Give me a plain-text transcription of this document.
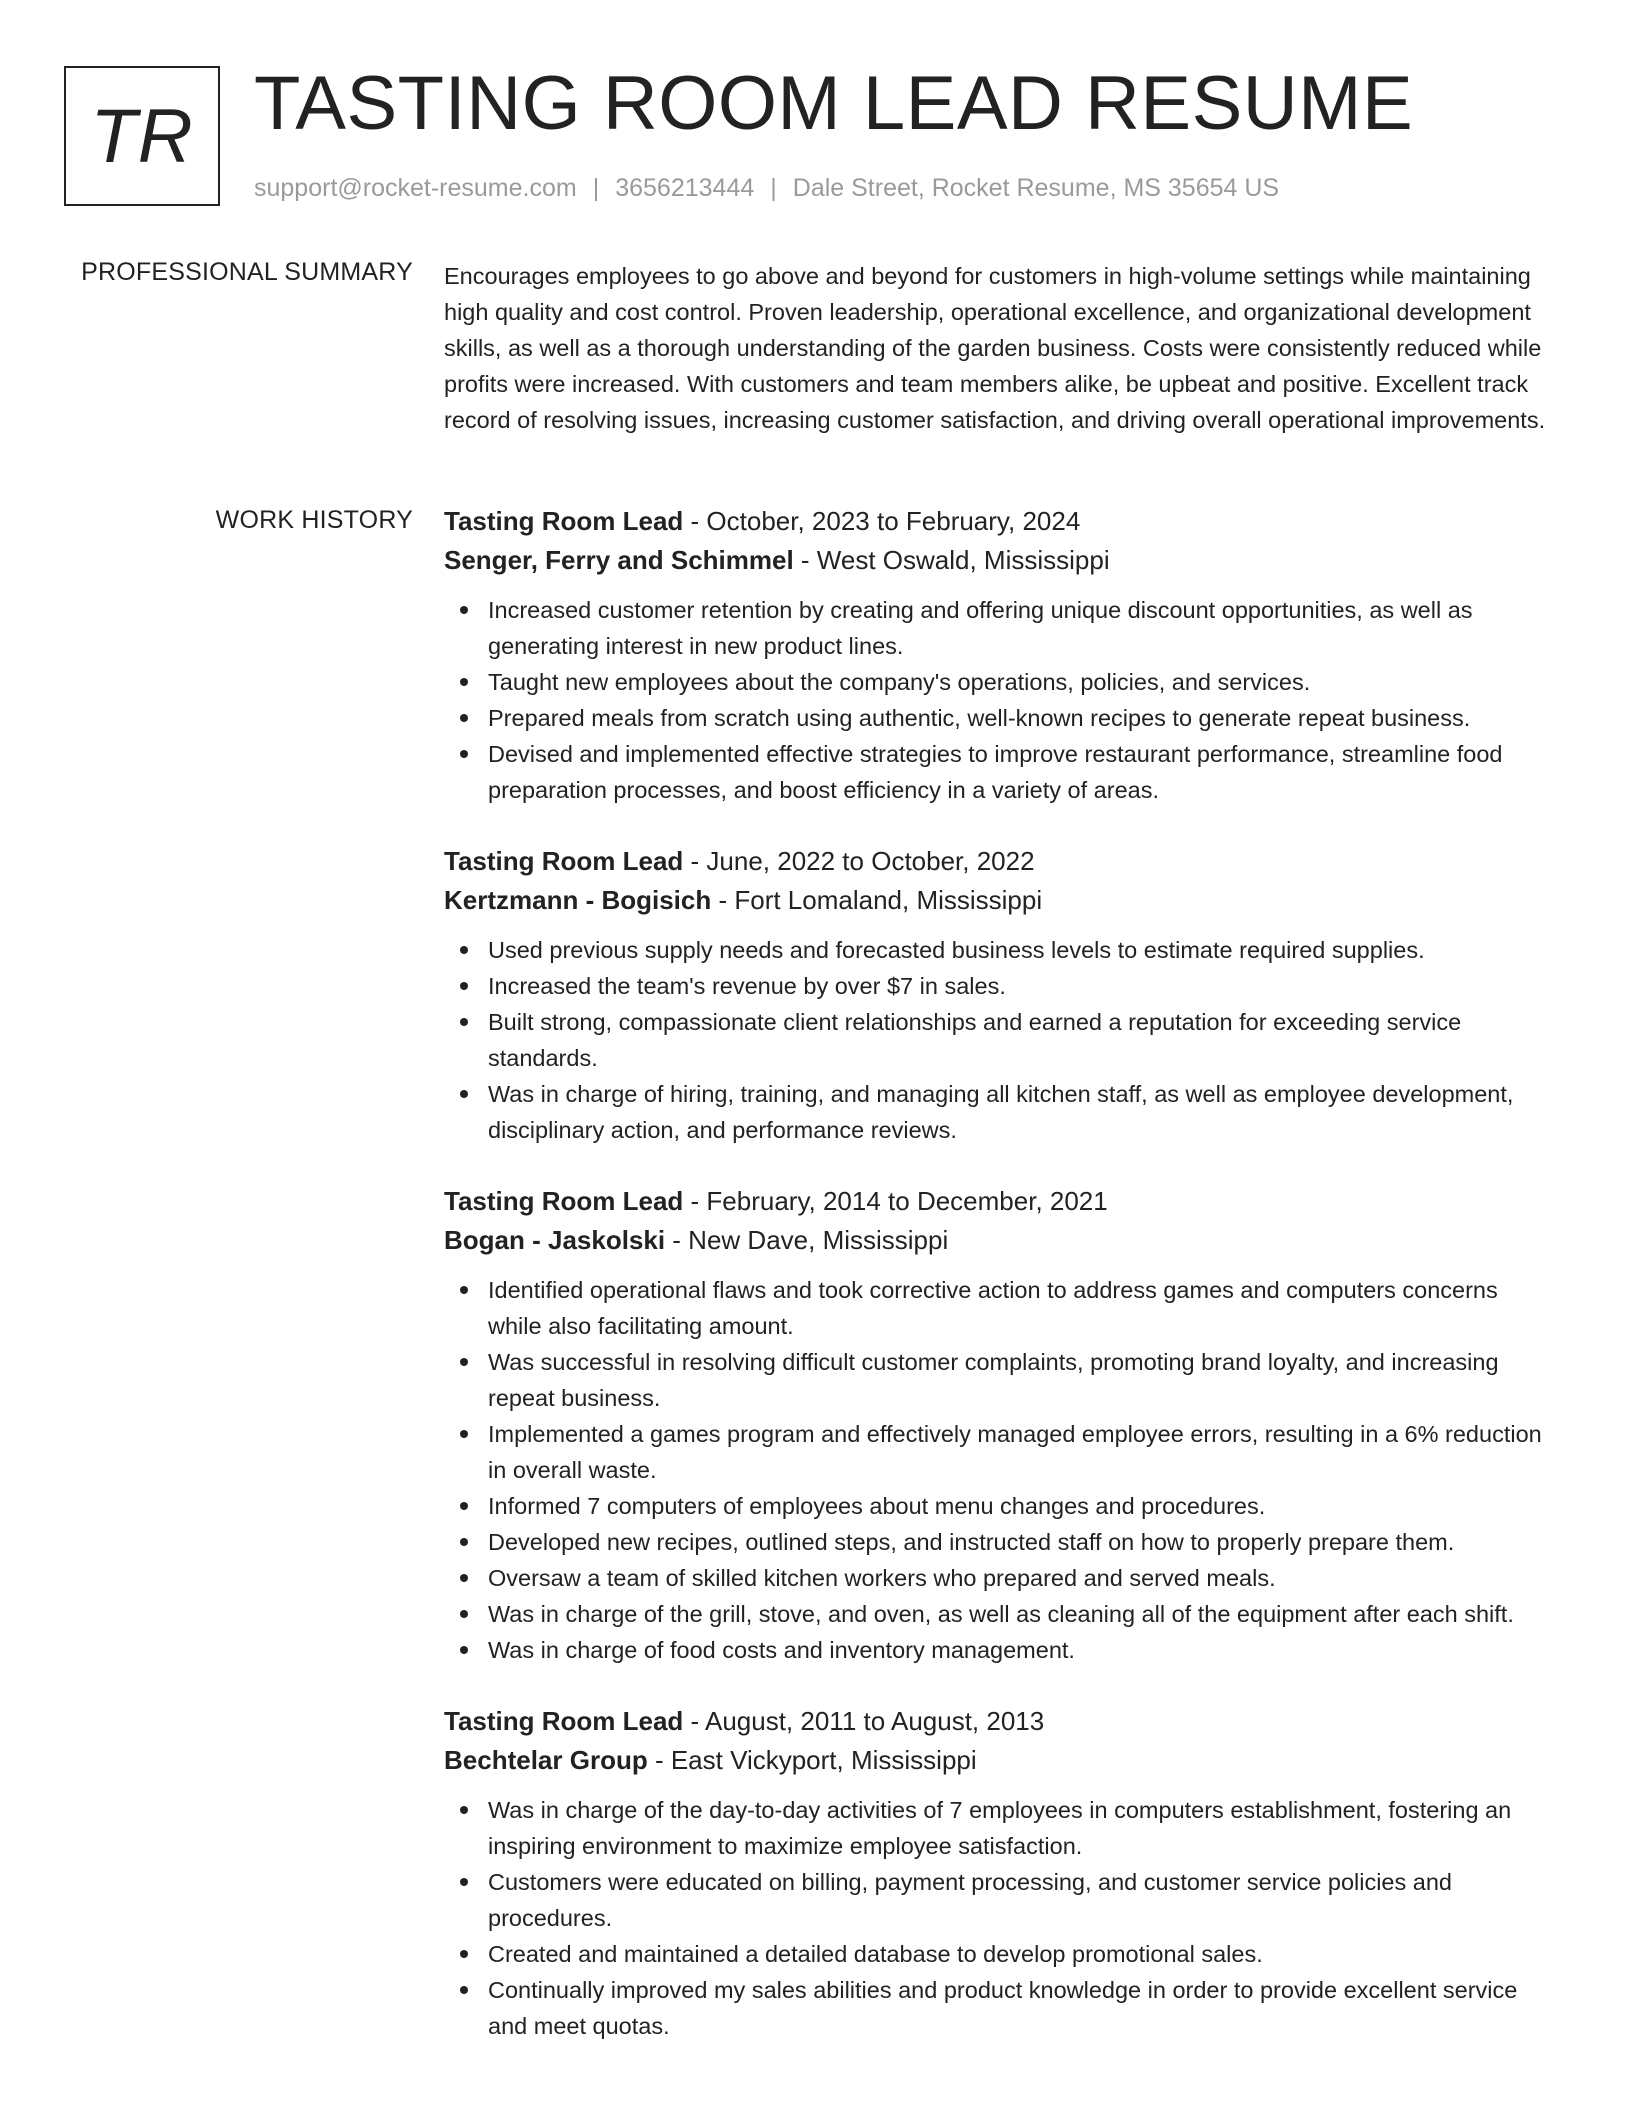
TR TASTING ROOM LEAD RESUME
support@rocket-resume.com | 3656213444 | Dale Street, Rocket Resume, MS 35654 US
PROFESSIONAL SUMMARY Encourages employees to go above and beyond for customers in high-volume settings while maintaining high quality and cost control. Proven leadership, operational excellence, and organizational development skills, as well as a thorough understanding of the garden business. Costs were consistently reduced while profits were increased. With customers and team members alike, be upbeat and positive. Excellent track record of resolving issues, increasing customer satisfaction, and driving overall operational improvements.

WORK HISTORY Tasting Room Lead - October, 2023 to February, 2024
Senger, Ferry and Schimmel - West Oswald, Mississippi
Increased customer retention by creating and offering unique discount opportunities, as well as generating interest in new product lines.
Taught new employees about the company's operations, policies, and services.
Prepared meals from scratch using authentic, well-known recipes to generate repeat business.
Devised and implemented effective strategies to improve restaurant performance, streamline food preparation processes, and boost efficiency in a variety of areas.
Tasting Room Lead - June, 2022 to October, 2022
Kertzmann - Bogisich - Fort Lomaland, Mississippi
Used previous supply needs and forecasted business levels to estimate required supplies.
Increased the team's revenue by over $7 in sales.
Built strong, compassionate client relationships and earned a reputation for exceeding service standards.
Was in charge of hiring, training, and managing all kitchen staff, as well as employee development, disciplinary action, and performance reviews.
Tasting Room Lead - February, 2014 to December, 2021
Bogan - Jaskolski - New Dave, Mississippi
Identified operational flaws and took corrective action to address games and computers concerns while also facilitating amount.
Was successful in resolving difficult customer complaints, promoting brand loyalty, and increasing repeat business.
Implemented a games program and effectively managed employee errors, resulting in a 6% reduction in overall waste.
Informed 7 computers of employees about menu changes and procedures.
Developed new recipes, outlined steps, and instructed staff on how to properly prepare them.
Oversaw a team of skilled kitchen workers who prepared and served meals.
Was in charge of the grill, stove, and oven, as well as cleaning all of the equipment after each shift.
Was in charge of food costs and inventory management.
Tasting Room Lead - August, 2011 to August, 2013
Bechtelar Group - East Vickyport, Mississippi
Was in charge of the day-to-day activities of 7 employees in computers establishment, fostering an inspiring environment to maximize employee satisfaction.
Customers were educated on billing, payment processing, and customer service policies and procedures.
Created and maintained a detailed database to develop promotional sales.
Continually improved my sales abilities and product knowledge in order to provide excellent service and meet quotas.
